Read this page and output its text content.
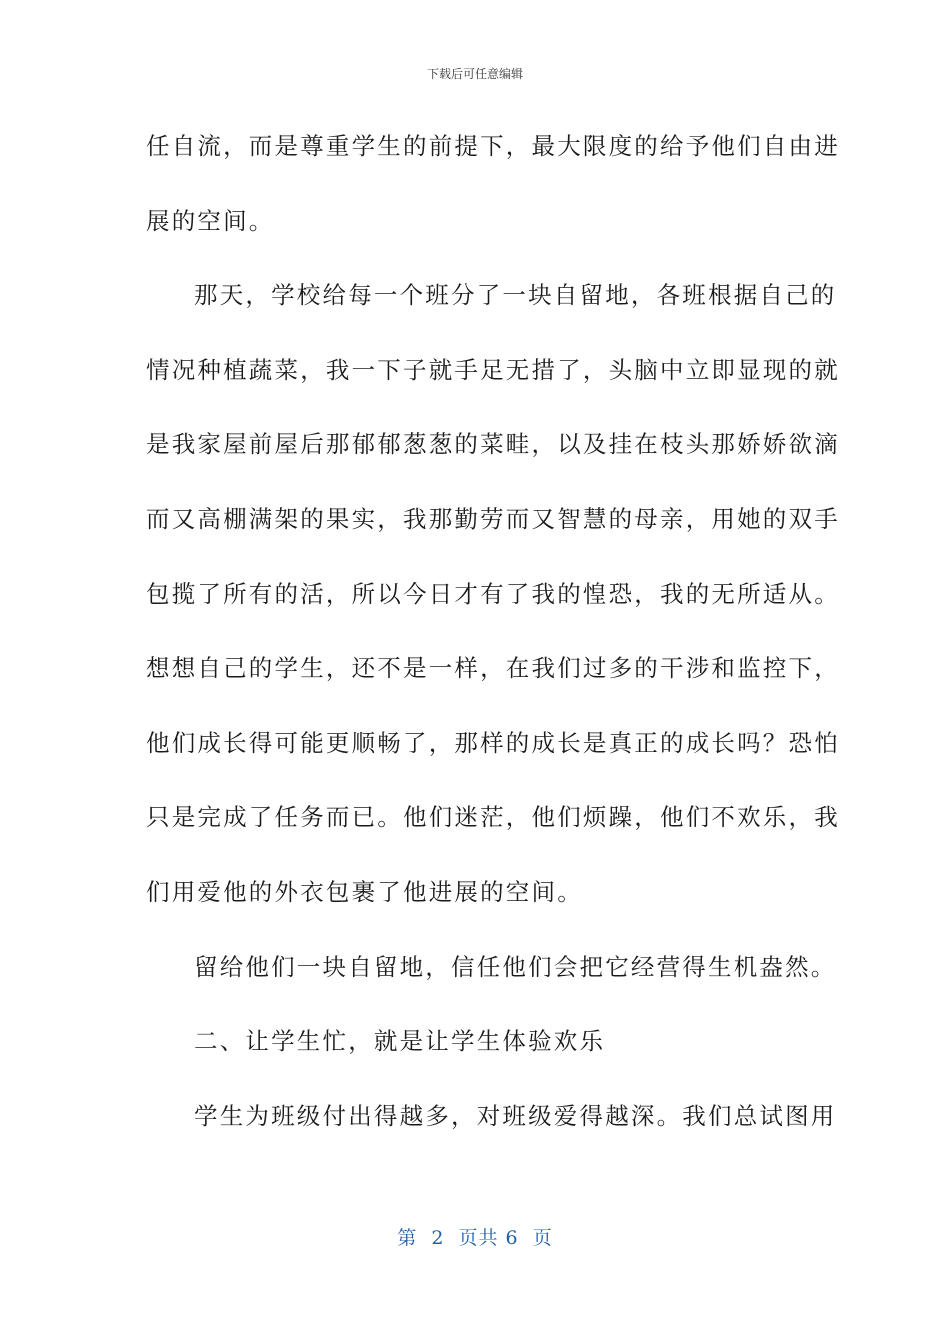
下载后可任意编辑
任自流，而是尊重学生的前提下，最大限度的给予他们自由进
展的空间。
那天，学校给每一个班分了一块自留地，各班根据自己的
情况种植蔬菜，我一下子就手足无措了，头脑中立即显现的就
是我家屋前屋后那郁郁葱葱的菜畦，以及挂在枝头那娇娇欲滴
而又高棚满架的果实，我那勤劳而又智慧的母亲，用她的双手
包揽了所有的活，所以今日才有了我的惶恐，我的无所适从。
想想自己的学生，还不是一样，在我们过多的干涉和监控下，
他们成长得可能更顺畅了，那样的成长是真正的成长吗？恐怕
只是完成了任务而已。他们迷茫，他们烦躁，他们不欢乐，我
们用爱他的外衣包裹了他进展的空间。
留给他们一块自留地，信任他们会把它经营得生机盎然。
二、让学生忙，就是让学生体验欢乐
学生为班级付出得越多，对班级爱得越深。我们总试图用
第  2  页共 6  页
